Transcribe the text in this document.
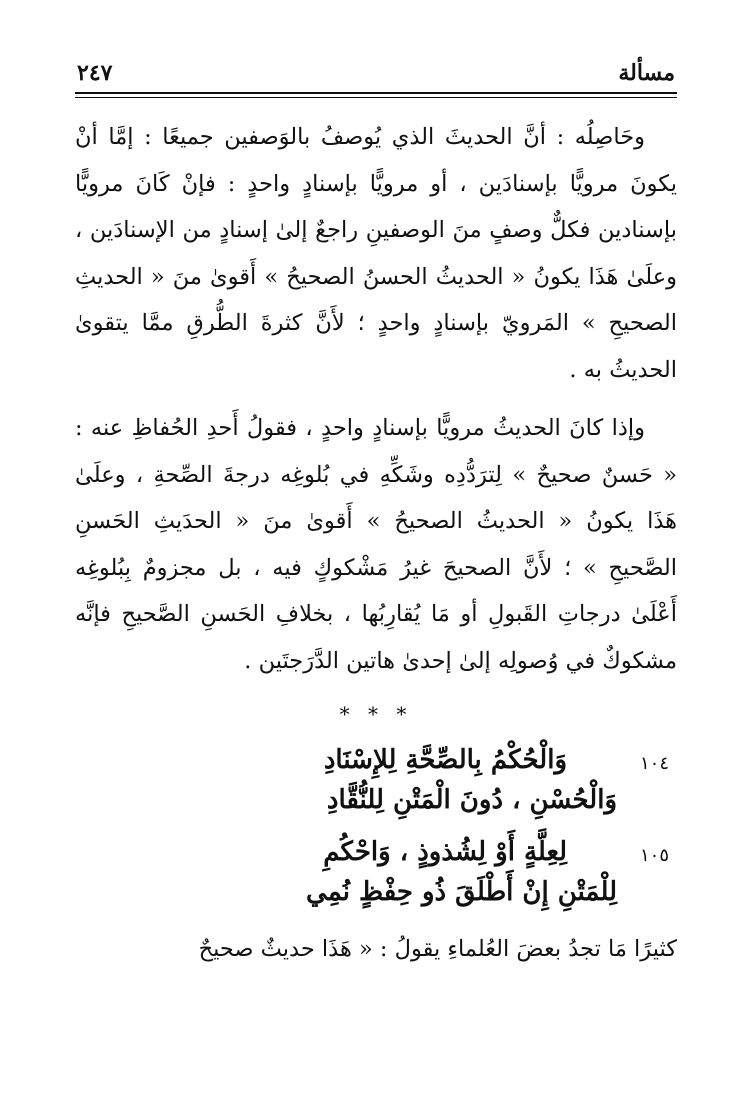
مسألة
٢٤٧

وحَاصِلُه : أنَّ الحديثَ الذي يُوصفُ بالوَصفين جميعًا : إمَّا أنْ يكونَ مرويًّا بإسنادَين ، أو مرويًّا بإسنادٍ واحدٍ : فإنْ كَانَ مرويًّا بإسنادين فكلٌّ وصفٍ منَ الوصفينِ راجعٌ إلىٰ إسنادٍ من الإسنادَين ، وعلَىٰ هَذَا يكونُ « الحديثُ الحسنُ الصحيحُ » أَقوىٰ منَ « الحديثِ الصحيحِ » المَرويّ بإسنادٍ واحدٍ ؛ لأَنَّ كثرةَ الطُّرقِ ممَّا يتقوىٰ الحديثُ به .

وإذا كانَ الحديثُ مرويًّا بإسنادٍ واحدٍ ، فقولُ أَحدِ الحُفاظِ عنه : « حَسنٌ صحيحٌ » لِترَدُّدِه وشَكِّهِ في بُلوغِه درجةَ الصِّحةِ ، وعلَىٰ هَذَا يكونُ « الحديثُ الصحيحُ » أَقوىٰ منَ « الحدَيثِ الحَسنِ الصَّحيحِ » ؛ لأَنَّ الصحيحَ غيرُ مَشْكوكٍ فيه ، بل مجزومٌ بِبُلوغِه أَعْلَىٰ درجاتِ القَبولِ أو مَا يُقارِبُها ، بخلافِ الحَسنِ الصَّحيحِ فإنَّه مشكوكٌ في وُصولِه إلىٰ إحدىٰ هاتين الدَّرَجتَين .

* * *
١٠٤
وَالْحُكْمُ بِالصِّحَّةِ لِلإِسْنَادِ
وَالْحُسْنِ ، دُونَ الْمَتْنِ لِلنُّقَّادِ
١٠٥
لِعِلَّةٍ أَوْ لِشُذوذٍ ، وَاحْكُمِ
لِلْمَتْنِ إِنْ أَطْلَقَ ذُو حِفْظٍ نُمِي

كثيرًا مَا تجدُ بعضَ العُلماءِ يقولُ : « هَذَا حديثٌ صحيحٌ
